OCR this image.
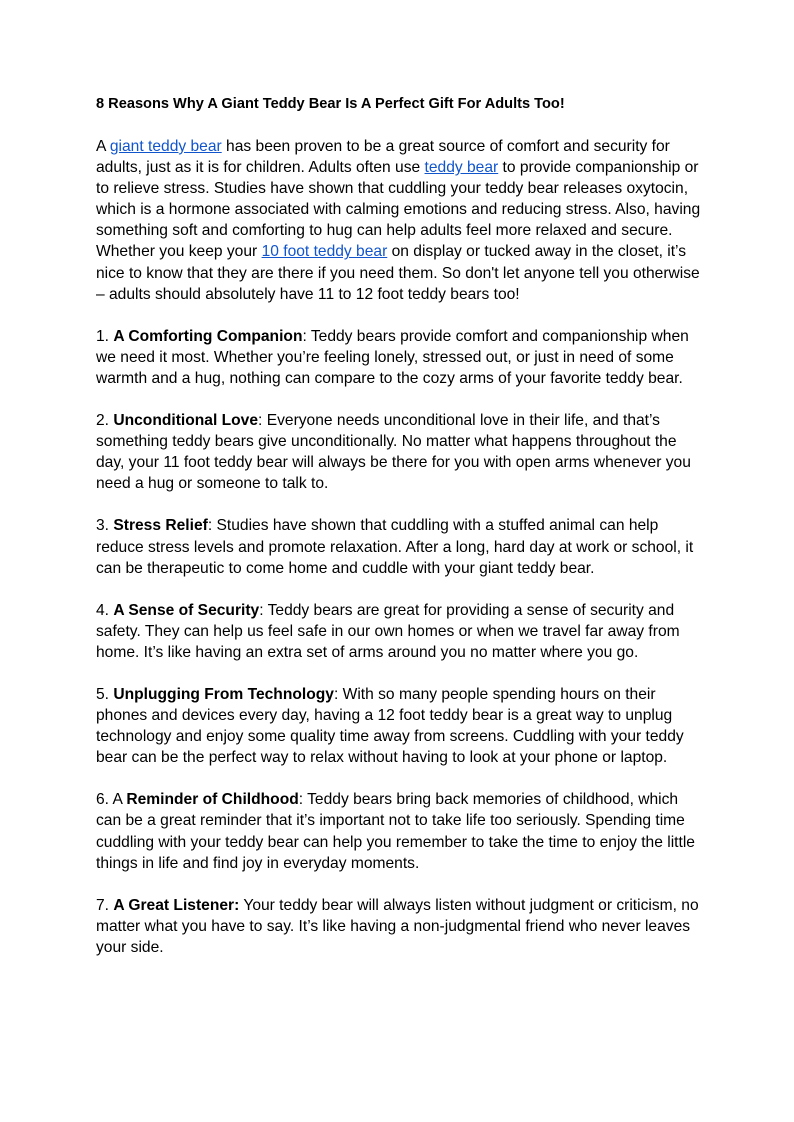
8 Reasons Why A Giant Teddy Bear Is A Perfect Gift For Adults Too!

A giant teddy bear has been proven to be a great source of comfort and security for adults, just as it is for children. Adults often use teddy bear to provide companionship or to relieve stress. Studies have shown that cuddling your teddy bear releases oxytocin, which is a hormone associated with calming emotions and reducing stress. Also, having something soft and comforting to hug can help adults feel more relaxed and secure. Whether you keep your 10 foot teddy bear on display or tucked away in the closet, it’s nice to know that they are there if you need them. So don't let anyone tell you otherwise – adults should absolutely have 11 to 12 foot teddy bears too!

1. A Comforting Companion: Teddy bears provide comfort and companionship when we need it most. Whether you’re feeling lonely, stressed out, or just in need of some warmth and a hug, nothing can compare to the cozy arms of your favorite teddy bear.

2. Unconditional Love: Everyone needs unconditional love in their life, and that’s something teddy bears give unconditionally. No matter what happens throughout the day, your 11 foot teddy bear will always be there for you with open arms whenever you need a hug or someone to talk to.

3. Stress Relief: Studies have shown that cuddling with a stuffed animal can help reduce stress levels and promote relaxation. After a long, hard day at work or school, it can be therapeutic to come home and cuddle with your giant teddy bear.

4. A Sense of Security: Teddy bears are great for providing a sense of security and safety. They can help us feel safe in our own homes or when we travel far away from home. It’s like having an extra set of arms around you no matter where you go.

5. Unplugging From Technology: With so many people spending hours on their phones and devices every day, having a 12 foot teddy bear is a great way to unplug technology and enjoy some quality time away from screens. Cuddling with your teddy bear can be the perfect way to relax without having to look at your phone or laptop.

6. A Reminder of Childhood: Teddy bears bring back memories of childhood, which can be a great reminder that it’s important not to take life too seriously. Spending time cuddling with your teddy bear can help you remember to take the time to enjoy the little things in life and find joy in everyday moments.

7. A Great Listener: Your teddy bear will always listen without judgment or criticism, no matter what you have to say. It’s like having a non-judgmental friend who never leaves your side.
